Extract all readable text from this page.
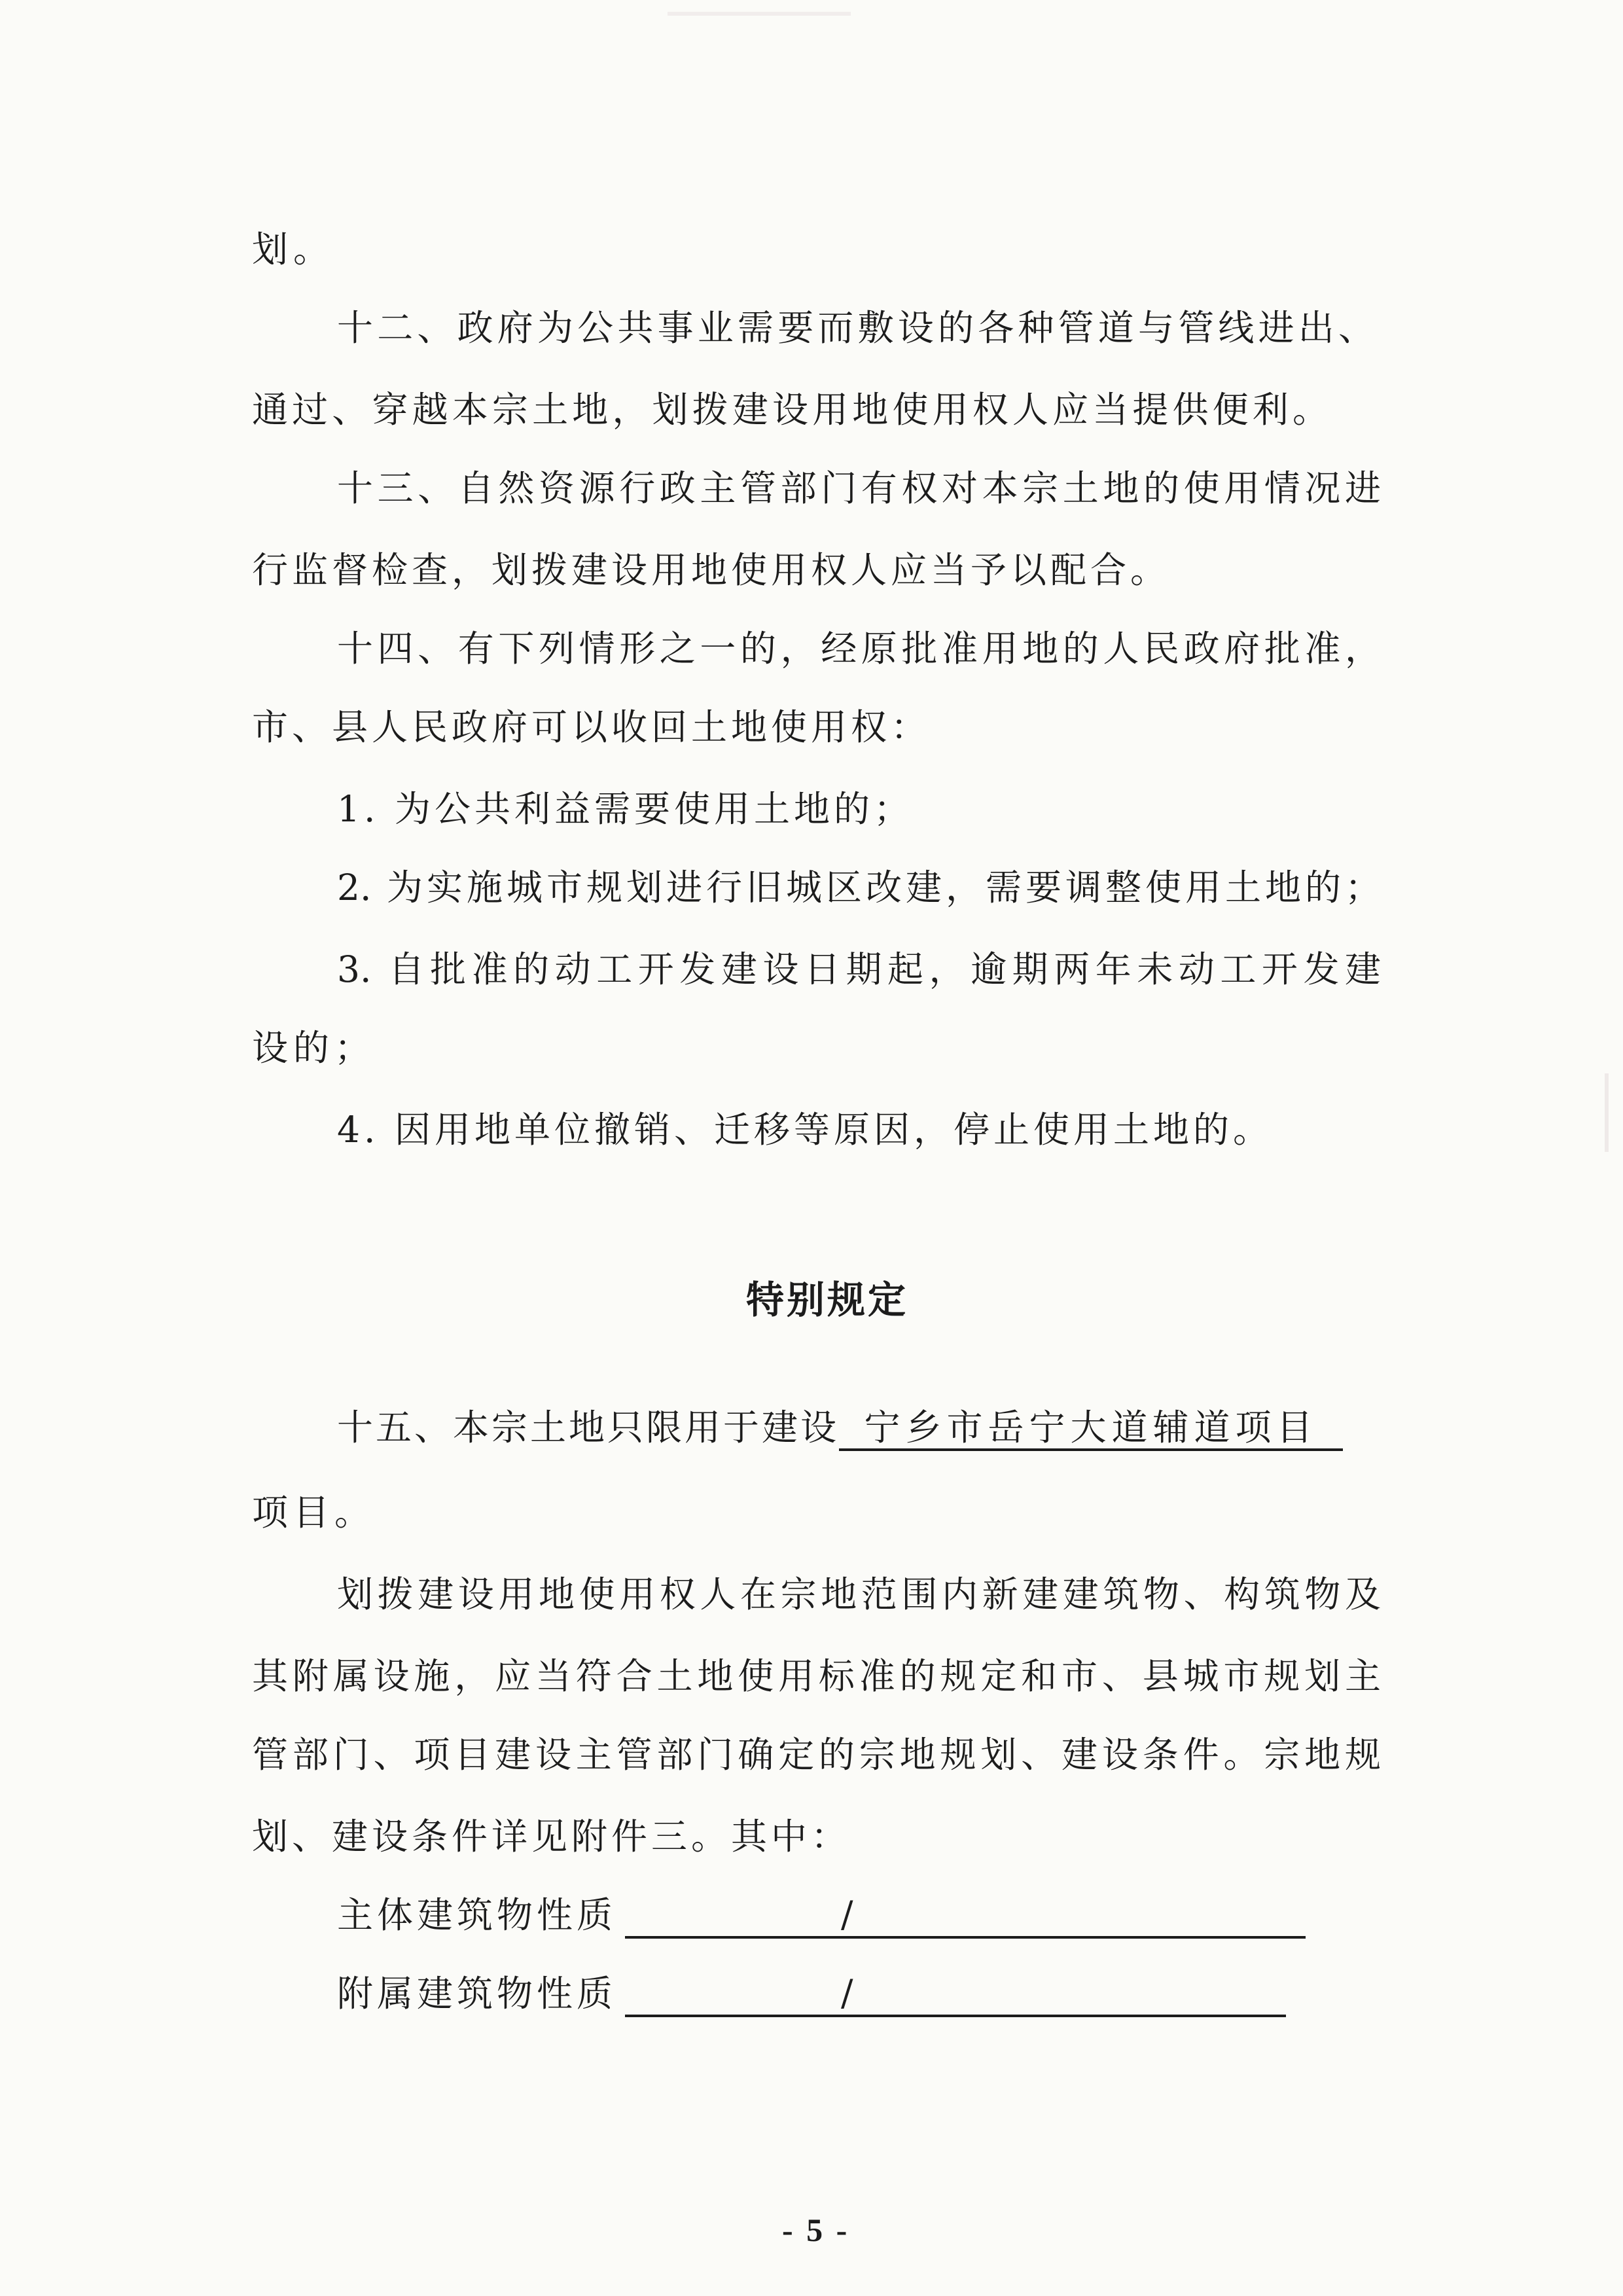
划。
十二、政府为公共事业需要而敷设的各种管道与管线进出、
通过、穿越本宗土地，划拨建设用地使用权人应当提供便利。
十三、自然资源行政主管部门有权对本宗土地的使用情况进
行监督检查，划拨建设用地使用权人应当予以配合。
十四、有下列情形之一的，经原批准用地的人民政府批准，
市、县人民政府可以收回土地使用权：
1. 为公共利益需要使用土地的；
2. 为实施城市规划进行旧城区改建，需要调整使用土地的；
3. 自批准的动工开发建设日期起，逾期两年未动工开发建
设的；
4. 因用地单位撤销、迁移等原因，停止使用土地的。
特别规定
十五、本宗土地只限用于建设 宁乡市岳宁大道辅道项目
项目。
划拨建设用地使用权人在宗地范围内新建建筑物、构筑物及
其附属设施，应当符合土地使用标准的规定和市、县城市规划主
管部门、项目建设主管部门确定的宗地规划、建设条件。宗地规
划、建设条件详见附件三。其中：
主体建筑物性质	/
附属建筑物性质	/
- 5 -
